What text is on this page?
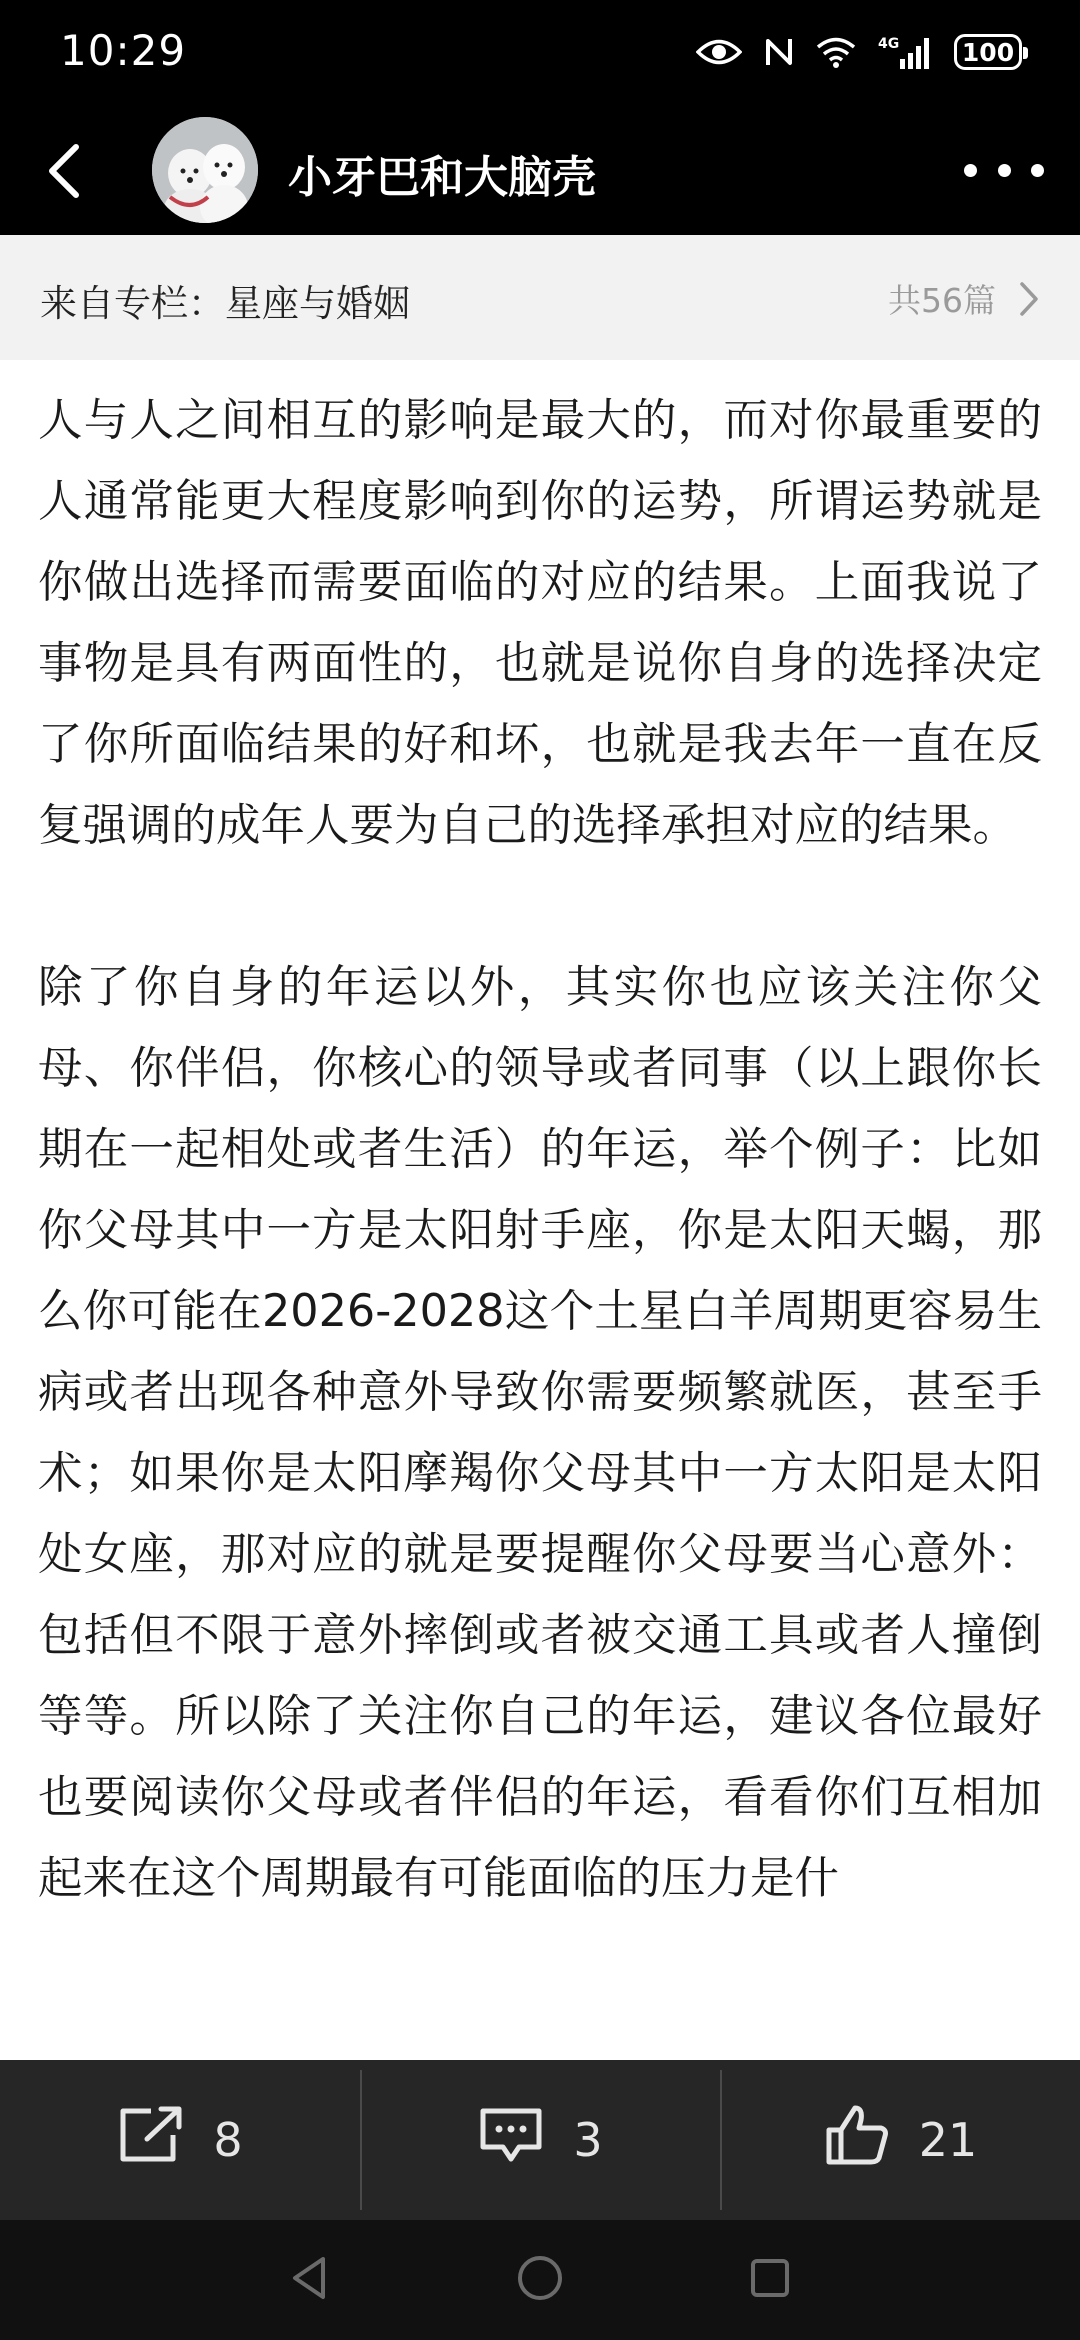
10:29	4G	100
小牙巴和大脑壳
来自专栏：星座与婚姻	共56篇

人与人之间相互的影响是最大的，而对你最重要的人通常能更大程度影响到你的运势，所谓运势就是你做出选择而需要面临的对应的结果。上面我说了事物是具有两面性的，也就是说你自身的选择决定了你所面临结果的好和坏，也就是我去年一直在反复强调的成年人要为自己的选择承担对应的结果。

除了你自身的年运以外，其实你也应该关注你父母、你伴侣，你核心的领导或者同事（以上跟你长期在一起相处或者生活）的年运，举个例子：比如你父母其中一方是太阳射手座，你是太阳天蝎，那么你可能在2026-2028这个土星白羊周期更容易生病或者出现各种意外导致你需要频繁就医，甚至手术；如果你是太阳摩羯你父母其中一方太阳是太阳处女座，那对应的就是要提醒你父母要当心意外：包括但不限于意外摔倒或者被交通工具或者人撞倒等等。所以除了关注你自己的年运，建议各位最好也要阅读你父母或者伴侣的年运，看看你们互相加起来在这个周期最有可能面临的压力是什

8	3	21
